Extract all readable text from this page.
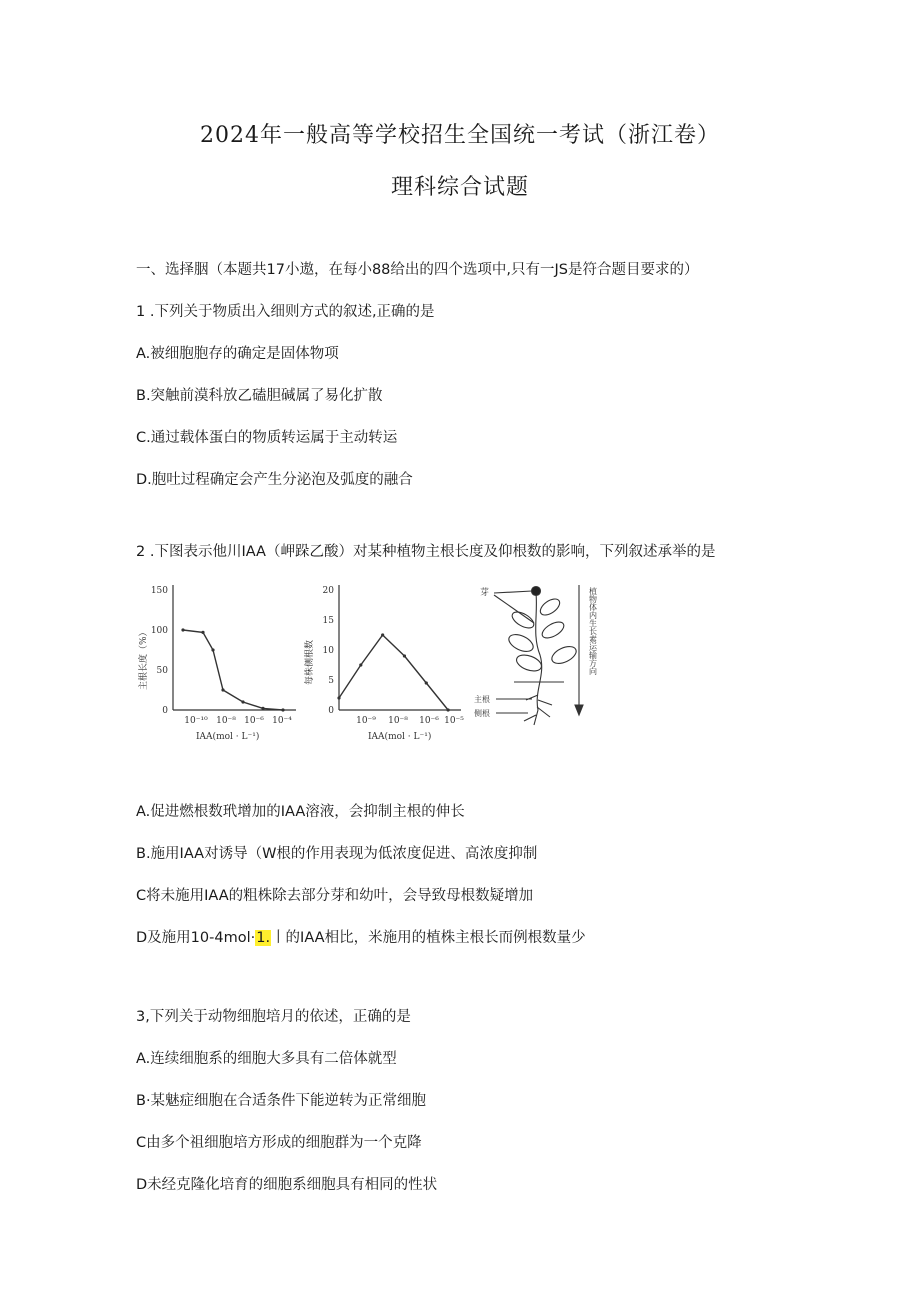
2024年一般高等学校招生全国统一考试（浙江卷）
理科综合试题
一、选择胭（本题共17小遨，在每小88给出的四个选项中,只有一JS是符合题目要求的）
1 .下列关于物质出入细则方式的叙述,正确的是
A.被细胞胞存的确定是固体物项
B.突触前漠科放乙磕胆碱属了易化扩散
C.通过载体蛋白的物质转运属于主动转运
D.胞吐过程确定会产生分泌泡及弧度的融合
2 .下图表示他川IAA（岬跺乙酸）对某种植物主根长度及仰根数的影响，下列叙述承举的是
150
100
50
0
10⁻¹⁰ 10⁻⁸ 10⁻⁶ 10⁻⁴
主根长度（%）
IAA(mol · L⁻¹)
20
15
10
5
0
10⁻⁹ 10⁻⁸ 10⁻⁶ 10⁻⁵
每株侧根数
IAA(mol · L⁻¹)
芽
主根
侧根
植物体内生长素运输方向
A.促进燃根数玳增加的IAA溶液，会抑制主根的伸长
B.施用IAA对诱导（W根的作用表现为低浓度促进、高浓度抑制
C将未施用IAA的粗株除去部分芽和幼叶，会导致母根数疑增加
D及施用10-4mol·1.丨的IAA相比，米施用的植株主根长而例根数量少
3,下列关于动物细胞培月的依述，正确的是
A.连续细胞系的细胞大多具有二倍体就型
B·某魅症细胞在合适条件下能逆转为正常细胞
C由多个祖细胞培方形成的细胞群为一个克降
D未经克隆化培育的细胞系细胞具有相同的性状
